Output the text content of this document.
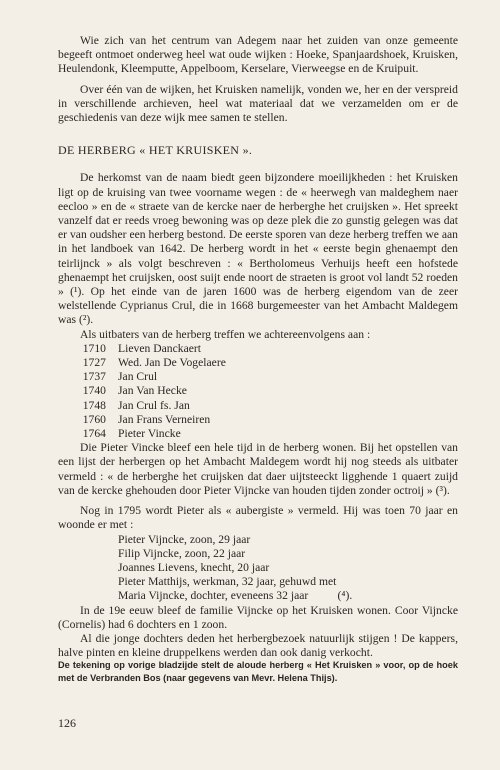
Wie zich van het centrum van Adegem naar het zuiden van onze gemeente begeeft ontmoet onderweg heel wat oude wijken : Hoeke, Spanjaardshoek, Kruisken, Heulendonk, Kleemputte, Appelboom, Kerselare, Vierweegse en de Kruipuit.

Over één van de wijken, het Kruisken namelijk, vonden we, her en der verspreid in verschillende archieven, heel wat materiaal dat we verzamelden om er de geschiedenis van deze wijk mee samen te stellen.

DE HERBERG « HET KRUISKEN ».

De herkomst van de naam biedt geen bijzondere moeilijkheden : het Kruisken ligt op de kruising van twee voorname wegen : de « heerwegh van maldeghem naer eecloo » en de « straete van de kercke naer de herberghe het cruijsken ». Het spreekt vanzelf dat er reeds vroeg bewoning was op deze plek die zo gunstig gelegen was dat er van oudsher een herberg bestond. De eerste sporen van deze herberg treffen we aan in het landboek van 1642. De herberg wordt in het « eerste begin ghenaempt den teirlijnck » als volgt beschreven : « Bertholomeus Verhuijs heeft een hofstede ghenaempt het cruijsken, oost suijt ende noort de straeten is groot vol landt 52 roeden » (¹). Op het einde van de jaren 1600 was de herberg eigendom van de zeer welstellende Cyprianus Crul, die in 1668 burgemeester van het Ambacht Maldegem was (²).

Als uitbaters van de herberg treffen we achtereenvolgens aan :

1710	Lieven Danckaert
1727	Wed. Jan De Vogelaere
1737	Jan Crul
1740	Jan Van Hecke
1748	Jan Crul fs. Jan
1760	Jan Frans Verneiren
1764	Pieter Vincke

Die Pieter Vincke bleef een hele tijd in de herberg wonen. Bij het opstellen van een lijst der herbergen op het Ambacht Maldegem wordt hij nog steeds als uitbater vermeld : « de herberghe het cruijsken dat daer uijtsteeckt ligghende 1 quaert zuijd van de kercke ghehouden door Pieter Vijncke van houden tijden zonder octroij » (³).

Nog in 1795 wordt Pieter als « aubergiste » vermeld. Hij was toen 70 jaar en woonde er met :

Pieter Vijncke, zoon, 29 jaar
Filip Vijncke, zoon, 22 jaar
Joannes Lievens, knecht, 20 jaar
Pieter Matthijs, werkman, 32 jaar, gehuwd met
Maria Vijncke, dochter, eveneens 32 jaar          (⁴).

In de 19e eeuw bleef de familie Vijncke op het Kruisken wonen. Coor Vijncke (Cornelis) had 6 dochters en 1 zoon.

Al die jonge dochters deden het herbergbezoek natuurlijk stijgen ! De kappers, halve pinten en kleine druppelkens werden dan ook danig verkocht.

De tekening op vorige bladzijde stelt de aloude herberg « Het Kruisken » voor, op de hoek met de Verbranden Bos (naar gegevens van Mevr. Helena Thijs).
126
